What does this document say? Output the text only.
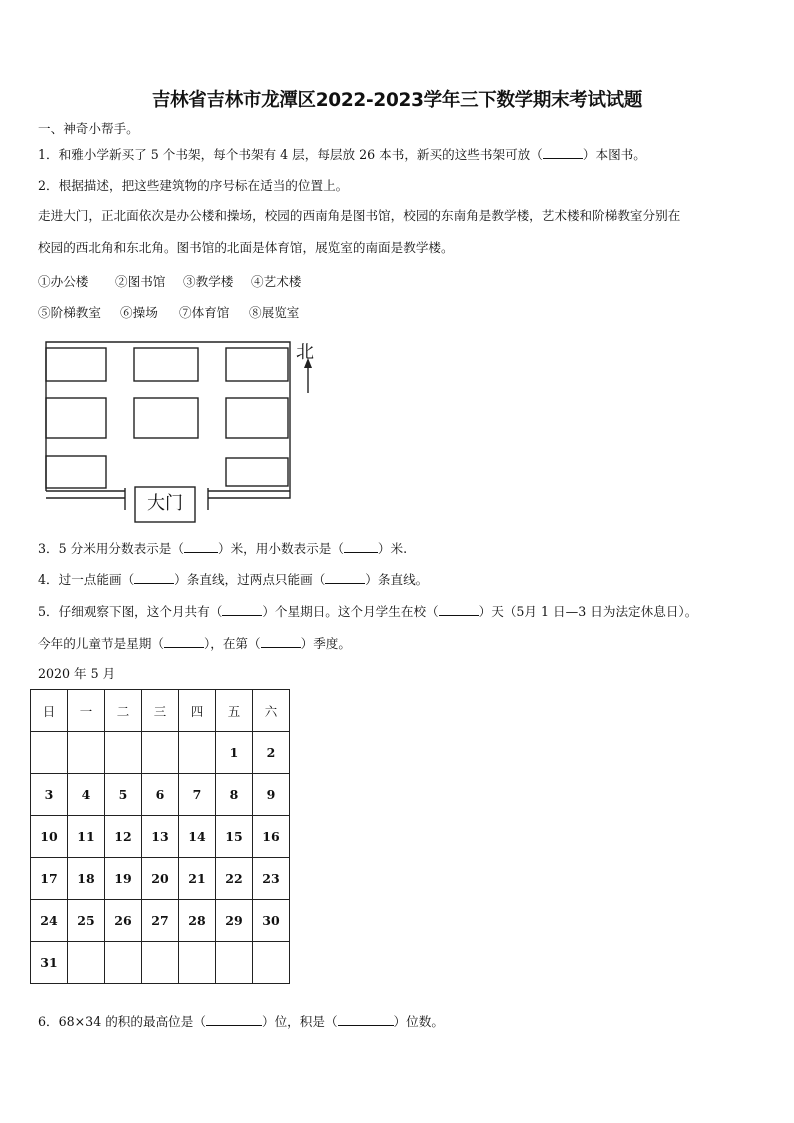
吉林省吉林市龙潭区2022-2023学年三下数学期末考试试题
一、神奇小帮手。
1．和雅小学新买了 5 个书架，每个书架有 4 层，每层放 26 本书，新买的这些书架可放（	）本图书。
2．根据描述，把这些建筑物的序号标在适当的位置上。
走进大门，正北面依次是办公楼和操场，校园的西南角是图书馆，校园的东南角是教学楼，艺术楼和阶梯教室分别在
校园的西北角和东北角。图书馆的北面是体育馆，展览室的南面是教学楼。
①办公楼 ②图书馆 ③教学楼 ④艺术楼
⑤阶梯教室 ⑥操场 ⑦体育馆 ⑧展览室
大门
北
3．5 分米用分数表示是（	）米，用小数表示是（	）米.
4．过一点能画（	）条直线，过两点只能画（	）条直线。
5．仔细观察下图，这个月共有（	）个星期日。这个月学生在校（	）天（5月 1 日—3 日为法定休息日）。
今年的儿童节是星期（	），在第（	）季度。
2020 年 5 月
日	一	二	三	四	五	六
					1	2
3	4	5	6	7	8	9
10	11	12	13	14	15	16
17	18	19	20	21	22	23
24	25	26	27	28	29	30
31						
6．68×34 的积的最高位是（	）位，积是（	）位数。
